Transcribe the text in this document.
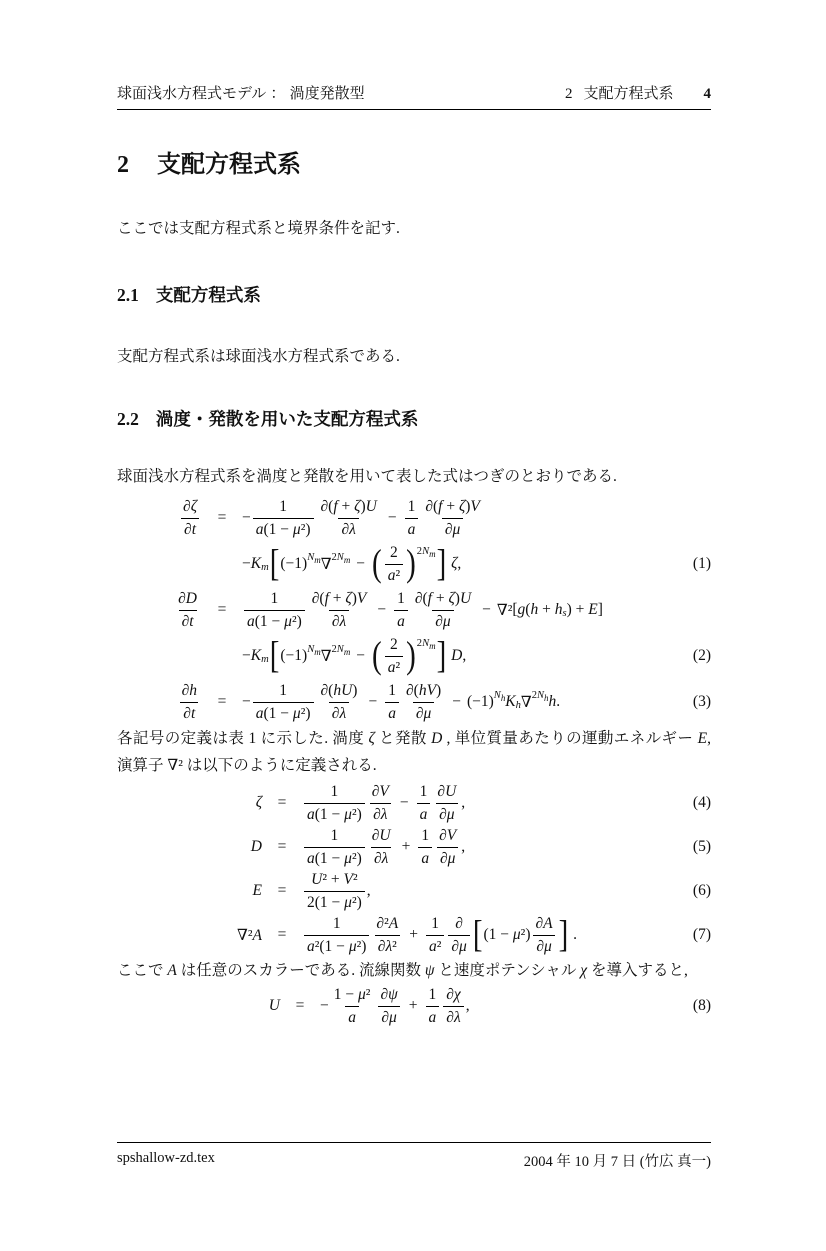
球面浅水方程式モデル ： 渦度発散型	2 支配方程式系 4
2 支配方程式系

ここでは支配方程式系と境界条件を記す.

2.1 支配方程式系

支配方程式系は球面浅水方程式系である.

2.2 渦度・発散を用いた支配方程式系

球面浅水方程式系を渦度と発散を用いて表した式はつぎのとおりである.

$\frac{\partial\zeta}{\partial t}$	=	− $\frac{1}{\text{a(1 − μ²)}} \frac{\partial(f + \zeta)U}{\partial\lambda} - \frac{1}{a} \frac{\partial(f + \zeta)V}{\partial\mu}$
−K m [ (−1) $N_m$ ∇ $2N_m$ − ( $\frac{2}{\text{a²}}$ ) $2N_m$ ] ζ,	(1)
$\frac{\partial D}{\partial t}$	=	$\frac{1}{\text{a(1 − μ²)}} \frac{\partial(f + \zeta)V}{\partial\lambda} - \frac{1}{a} \frac{\partial(f + \zeta)U}{\partial\mu} - \nabla^2$ [g(h + h s ) + E]
−K m [ (−1) $N_m$ ∇ $2N_m$ − ( $\frac{2}{\text{a²}}$ ) $2N_m$ ] D,	(2)
$\frac{\partial h}{\partial t}$	=	− $\frac{1}{\text{a(1 − μ²)}} \frac{\partial(hU)}{\partial\lambda} - \frac{1}{a} \frac{\partial(hV)}{\partial\mu} - (-1)$ $N_h$ K h ∇ $2N_h$ h.	(3)

各記号の定義は表 1 に示した. 渦度 ζ と発散 D , 単位質量あたりの運動エネルギー E, 演算子 ∇² は以下のように定義される.

ζ	=	$\frac{1}{\text{a(1 − μ²)}} \frac{\partial V}{\partial\lambda} - \frac{1}{a} \frac{\partial U}{\partial\mu}$ ,	(4)
D	=	$\frac{1}{\text{a(1 − μ²)}} \frac{\partial U}{\partial\lambda} + \frac{1}{a} \frac{\partial V}{\partial\mu}$ ,	(5)
E	=	$\frac{\text{U² + V²}}{\text{2(1 − μ²)}}$ ,	(6)
∇²A	=	$\frac{1}{\text{a²(1 − μ²)}} \frac{\text{∂²A}}{\text{∂λ²}} + \frac{1}{\text{a²}} \frac{\partial}{\partial\mu}$ [ $(1 - \mu^2) \frac{\partial A}{\partial\mu}$ ] .	(7)

ここで A は任意のスカラーである. 流線関数 ψ と速度ポテンシャル χ を導入すると,

U	=	− $\frac{\text{1 − μ²}}{a} \frac{\partial\psi}{\partial\mu} + \frac{1}{a} \frac{\partial\chi}{\partial\lambda}$ ,	(8)
spshallow-zd.tex	2004 年 10 月 7 日 (竹広 真一)
